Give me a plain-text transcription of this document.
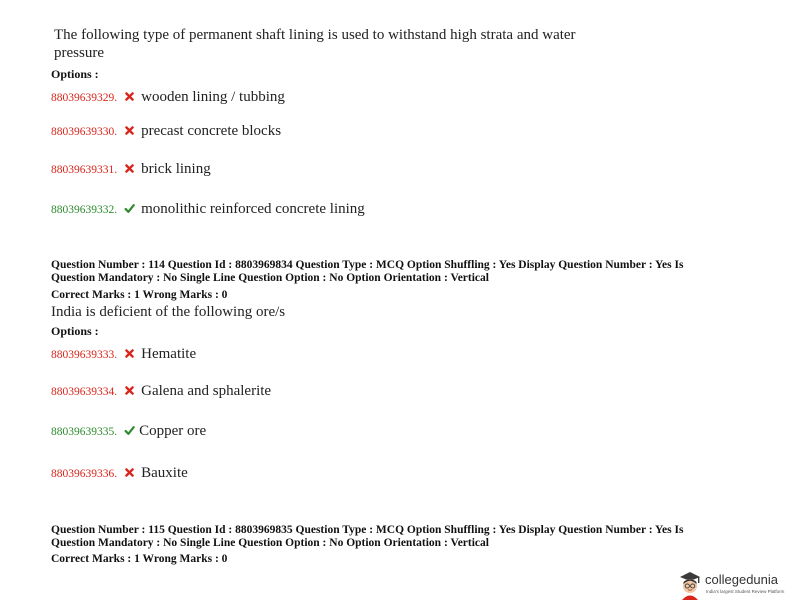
The following type of permanent shaft lining is used to withstand high strata and water
pressure
Options :
88039639329. wooden lining / tubbing
88039639330. precast concrete blocks
88039639331. brick lining
88039639332. monolithic reinforced concrete lining
Question Number : 114 Question Id : 8803969834 Question Type : MCQ Option Shuffling : Yes Display Question Number : Yes Is
Question Mandatory : No Single Line Question Option : No Option Orientation : Vertical
Correct Marks : 1 Wrong Marks : 0
India is deficient of the following ore/s
Options :
88039639333. Hematite
88039639334. Galena and sphalerite
88039639335. Copper ore
88039639336. Bauxite
Question Number : 115 Question Id : 8803969835 Question Type : MCQ Option Shuffling : Yes Display Question Number : Yes Is
Question Mandatory : No Single Line Question Option : No Option Orientation : Vertical
Correct Marks : 1 Wrong Marks : 0
collegedunia
India's largest Student Review Platform
